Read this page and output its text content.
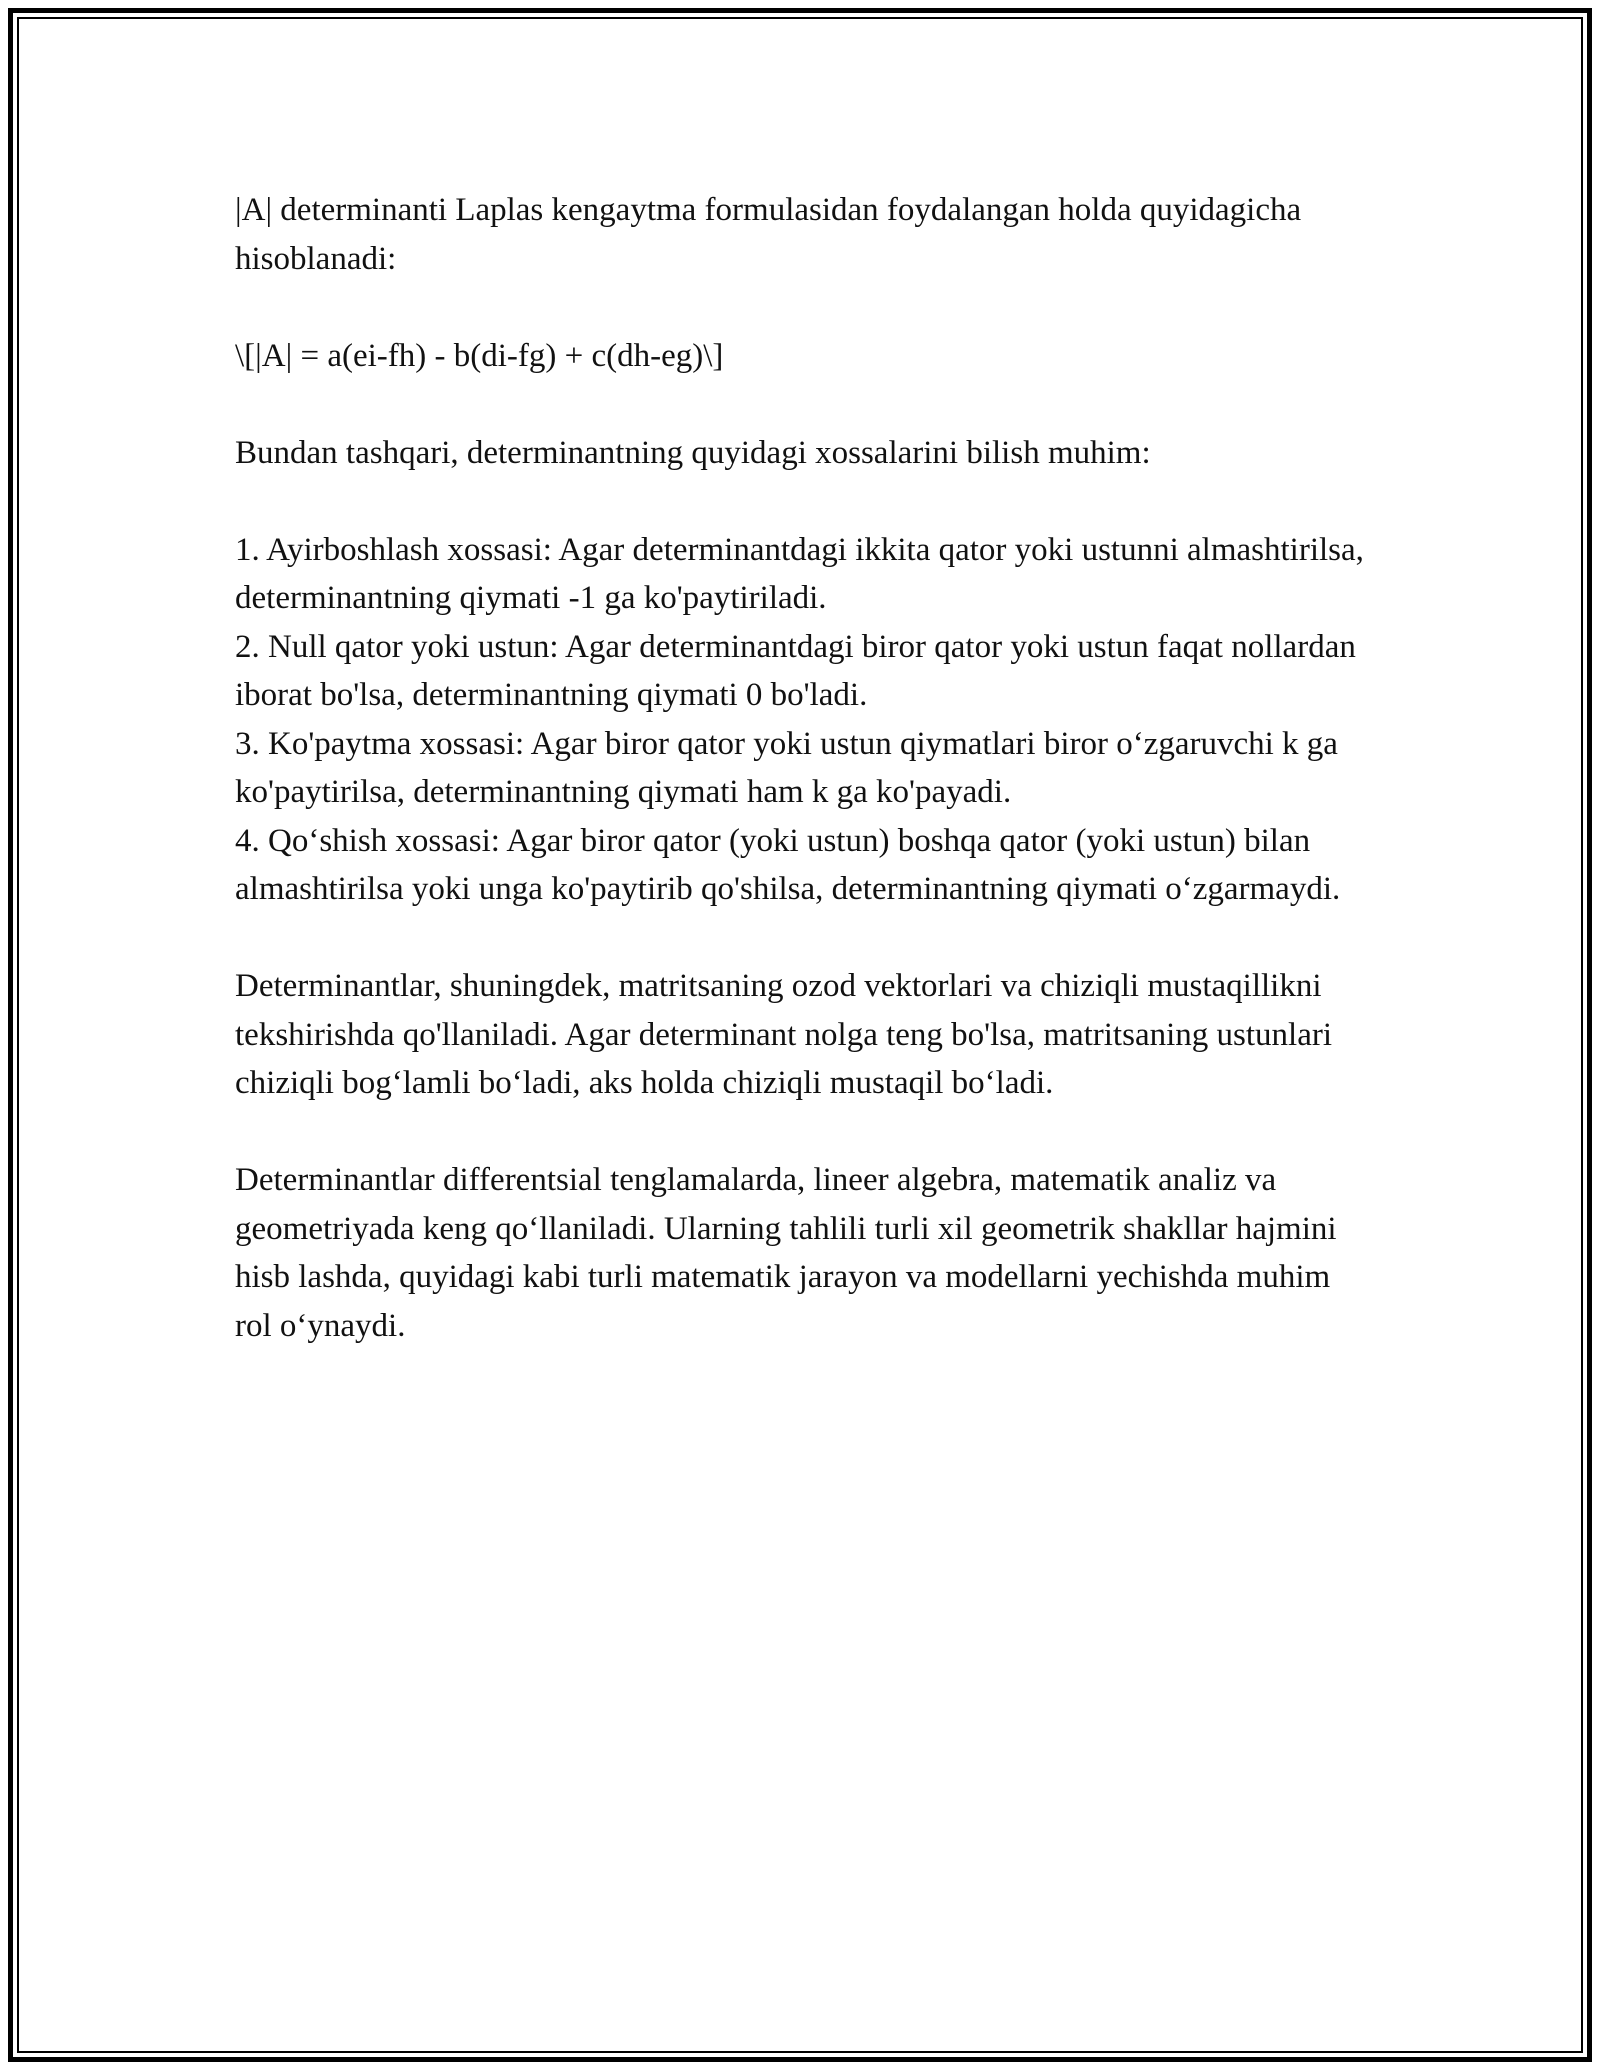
|A| determinanti Laplas kengaytma formulasidan foydalangan holda quyidagicha hisoblanadi:

\[|A| = a(ei-fh) - b(di-fg) + c(dh-eg)\]

Bundan tashqari, determinantning quyidagi xossalarini bilish muhim:

1. Ayirboshlash xossasi: Agar determinantdagi ikkita qator yoki ustunni almashtirilsa, determinantning qiymati -1 ga ko'paytiriladi.

2. Null qator yoki ustun: Agar determinantdagi biror qator yoki ustun faqat nollardan iborat bo'lsa, determinantning qiymati 0 bo'ladi.

3. Ko'paytma xossasi: Agar biror qator yoki ustun qiymatlari biror o‘zgaruvchi k ga ko'paytirilsa, determinantning qiymati ham k ga ko'payadi.

4. Qo‘shish xossasi: Agar biror qator (yoki ustun) boshqa qator (yoki ustun) bilan almashtirilsa yoki unga ko'paytirib qo'shilsa, determinantning qiymati o‘zgarmaydi.

Determinantlar, shuningdek, matritsaning ozod vektorlari va chiziqli mustaqillikni tekshirishda qo'llaniladi. Agar determinant nolga teng bo'lsa, matritsaning ustunlari chiziqli bog‘lamli bo‘ladi, aks holda chiziqli mustaqil bo‘ladi.

Determinantlar differentsial tenglamalarda, lineer algebra, matematik analiz va geometriyada keng qo‘llaniladi. Ularning tahlili turli xil geometrik shakllar hajmini hisb lashda, quyidagi kabi turli matematik jarayon va modellarni yechishda muhim rol o‘ynaydi.
